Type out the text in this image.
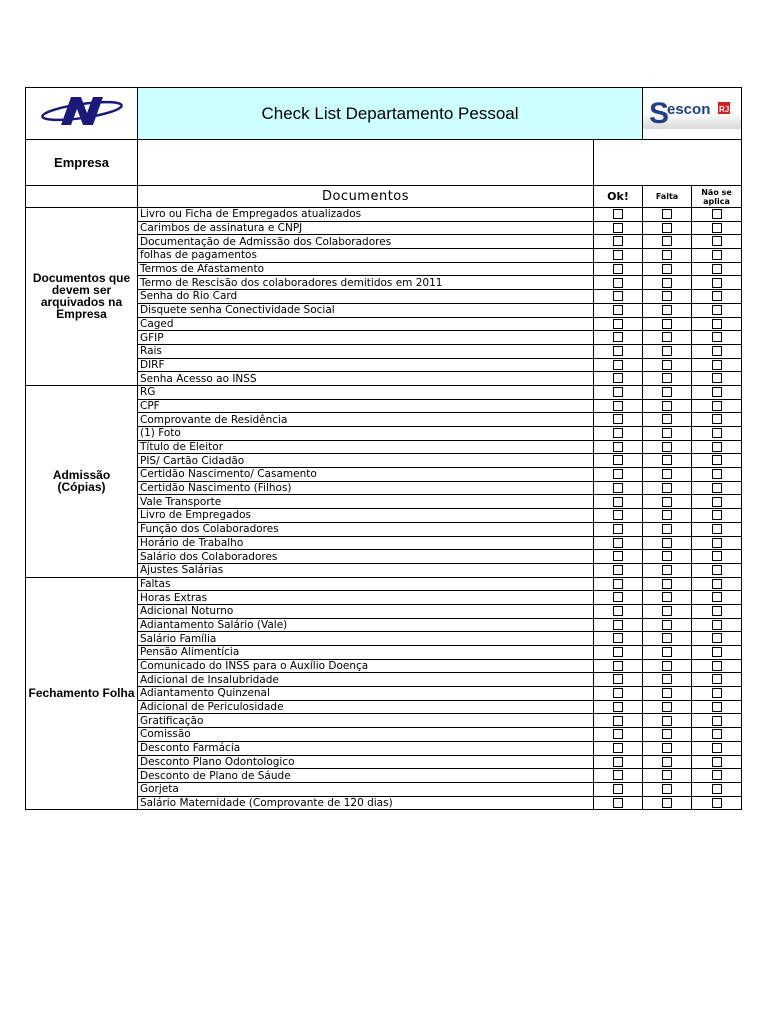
	Check List Departamento Pessoal		S
escon RJ	

Empresa				
	Documentos	Ok!	Falta	Não se aplica
Documentos que devem ser arquivados na Empresa	Livro ou Ficha de Empregados atualizados			
	Carimbos de assinatura e CNPJ			
	Documentação de Admissão dos Colaboradores			
	folhas de pagamentos			
	Termos de Afastamento			
	Termo de Rescisão dos colaboradores demitidos em 2011			
	Senha do Rio Card			
	Disquete senha Conectividade Social			
	Caged			
	GFIP			
	Rais			
	DIRF			
	Senha Acesso ao INSS			
Admissão (Cópias)	RG			
	CPF			
	Comprovante de Residência			
	(1) Foto			
	Título de Eleitor			
	PIS/ Cartão Cidadão			
	Certidão Nascimento/ Casamento			
	Certidão Nascimento (Filhos)			
	Vale Transporte			
	Livro de Empregados			
	Função dos Colaboradores			
	Horário de Trabalho			
	Salário dos Colaboradores			
	Ajustes Salárias			
Fechamento Folha	Faltas			
	Horas Extras			
	Adicional Noturno			
	Adiantamento Salário (Vale)			
	Salário Família			
	Pensão Alimentícia			
	Comunicado do INSS para o Auxílio Doença			
	Adicional de Insalubridade			
	Adiantamento Quinzenal			
	Adicional de Periculosidade			
	Gratificação			
	Comissão			
	Desconto Farmácia			
	Desconto Plano Odontologico			
	Desconto de Plano de Sáude			
	Gorjeta			
	Salário Maternidade (Comprovante de 120 dias)			
